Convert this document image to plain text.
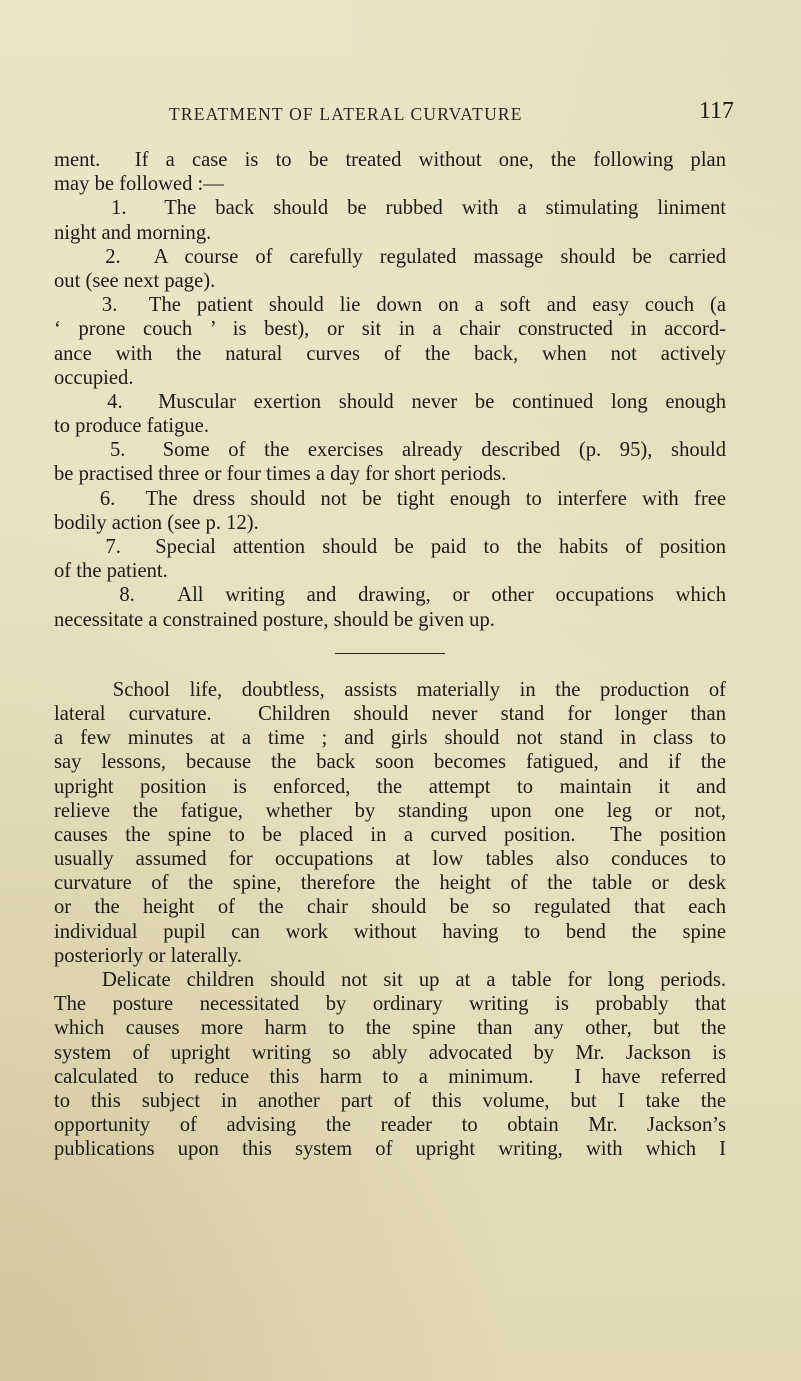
TREATMENT OF LATERAL CURVATURE	117
ment.  If a case is to be treated without one, the following plan
may be followed :—
1.  The back should be rubbed with a stimulating liniment
night and morning.
2.  A course of carefully regulated massage should be carried
out (see next page).
3.  The patient should lie down on a soft and easy couch (a
‘ prone couch ’ is best), or sit in a chair constructed in accord-
ance with the natural curves of the back, when not actively
occupied.
4.  Muscular exertion should never be continued long enough
to produce fatigue.
5.  Some of the exercises already described (p. 95), should
be practised three or four times a day for short periods.
6.  The dress should not be tight enough to interfere with free
bodily action (see p. 12).
7.  Special attention should be paid to the habits of position
of the patient.
8.  All writing and drawing, or other occupations which
necessitate a constrained posture, should be given up.
School life, doubtless, assists materially in the production of
lateral curvature.  Children should never stand for longer than
a few minutes at a time ; and girls should not stand in class to
say lessons, because the back soon becomes fatigued, and if the
upright position is enforced, the attempt to maintain it and
relieve the fatigue, whether by standing upon one leg or not,
causes the spine to be placed in a curved position.  The position
usually assumed for occupations at low tables also conduces to
curvature of the spine, therefore the height of the table or desk
or the height of the chair should be so regulated that each
individual pupil can work without having to bend the spine
posteriorly or laterally.
Delicate children should not sit up at a table for long periods.
The posture necessitated by ordinary writing is probably that
which causes more harm to the spine than any other, but the
system of upright writing so ably advocated by Mr. Jackson is
calculated to reduce this harm to a minimum.  I have referred
to this subject in another part of this volume, but I take the
opportunity of advising the reader to obtain Mr. Jackson’s
publications upon this system of upright writing, with which I
